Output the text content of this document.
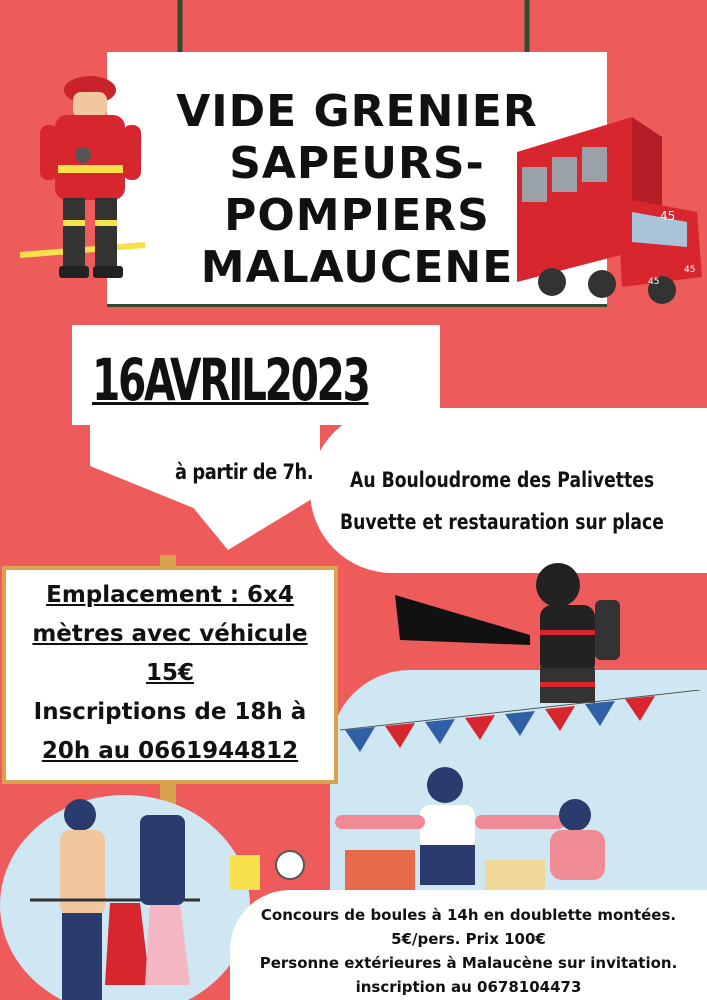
VIDE GRENIER
SAPEURS-
POMPIERS
MALAUCENE
45
45
45
16AVRIL2023
à partir de 7h. Au Bouloudrome des Palivettes
Buvette et restauration sur place
Emplacement : 6x4
mètres avec véhicule
15€
Inscriptions de 18h à
20h au 0661944812
Concours de boules à 14h en doublette montées.
5€/pers. Prix 100€
Personne extérieures à Malaucène sur invitation.
inscription au 0678104473
